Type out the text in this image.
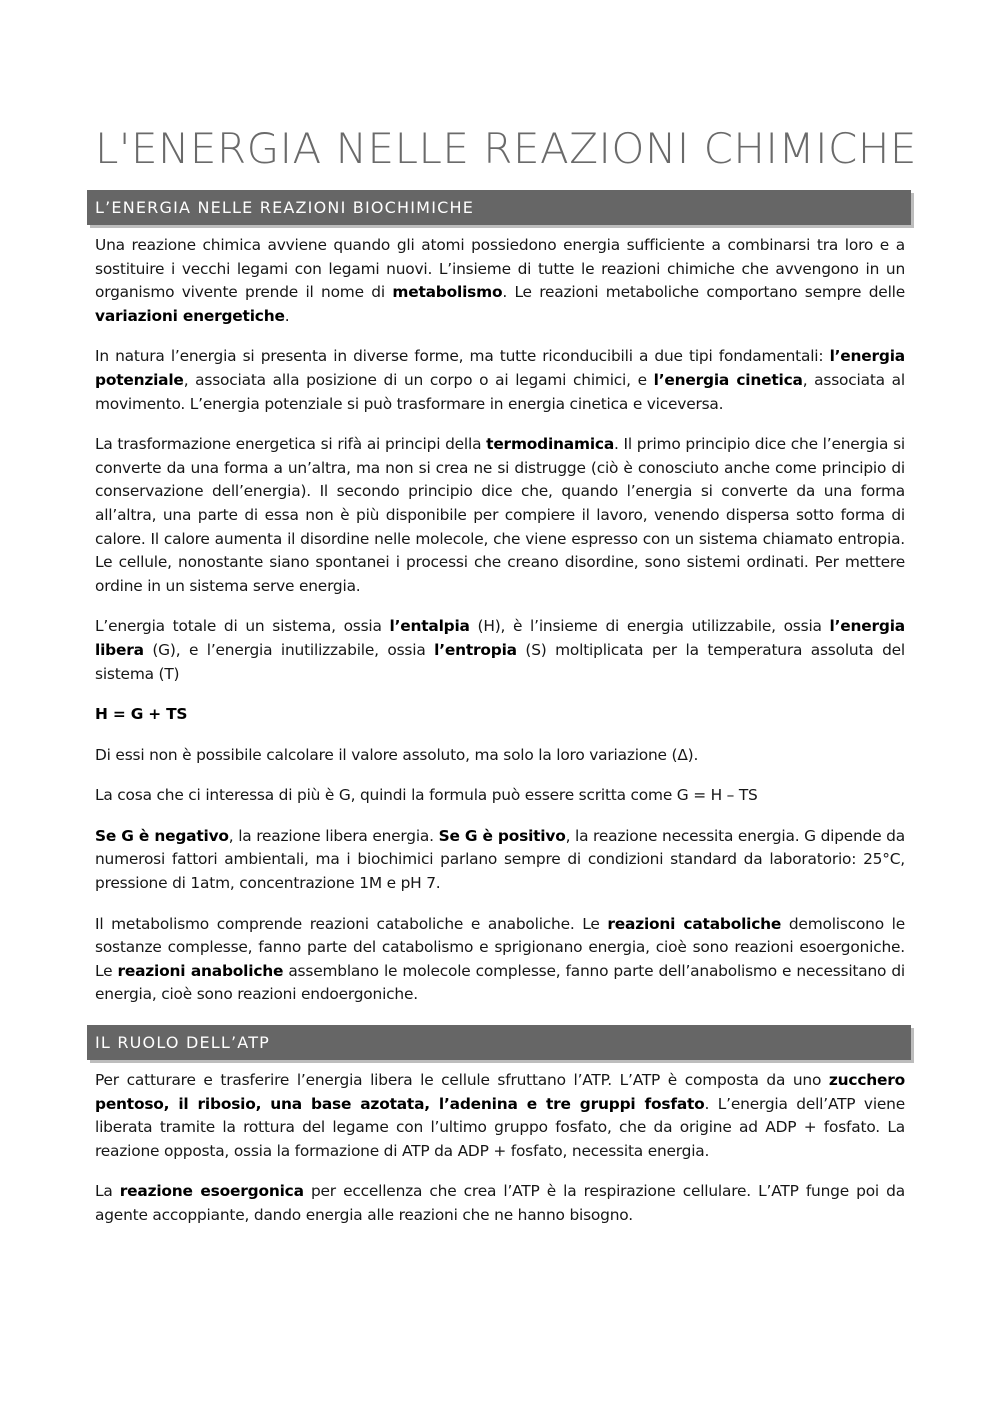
L'ENERGIA NELLE REAZIONI CHIMICHE
L’ENERGIA NELLE REAZIONI BIOCHIMICHE

Una reazione chimica avviene quando gli atomi possiedono energia sufficiente a combinarsi tra loro e a sostituire i vecchi legami con legami nuovi. L’insieme di tutte le reazioni chimiche che avvengono in un organismo vivente prende il nome di metabolismo. Le reazioni metaboliche comportano sempre delle variazioni energetiche.

In natura l’energia si presenta in diverse forme, ma tutte riconducibili a due tipi fondamentali: l’energia potenziale, associata alla posizione di un corpo o ai legami chimici, e l’energia cinetica, associata al movimento. L’energia potenziale si può trasformare in energia cinetica e viceversa.

La trasformazione energetica si rifà ai principi della termodinamica. Il primo principio dice che l’energia si converte da una forma a un’altra, ma non si crea ne si distrugge (ciò è conosciuto anche come principio di conservazione dell’energia). Il secondo principio dice che, quando l’energia si converte da una forma all’altra, una parte di essa non è più disponibile per compiere il lavoro, venendo dispersa sotto forma di calore. Il calore aumenta il disordine nelle molecole, che viene espresso con un sistema chiamato entropia. Le cellule, nonostante siano spontanei i processi che creano disordine, sono sistemi ordinati. Per mettere ordine in un sistema serve energia.

L’energia totale di un sistema, ossia l’entalpia (H), è l’insieme di energia utilizzabile, ossia l’energia libera (G), e l’energia inutilizzabile, ossia l’entropia (S) moltiplicata per la temperatura assoluta del sistema (T)

H = G + TS

Di essi non è possibile calcolare il valore assoluto, ma solo la loro variazione (Δ).

La cosa che ci interessa di più è G, quindi la formula può essere scritta come G = H – TS

Se G è negativo, la reazione libera energia. Se G è positivo, la reazione necessita energia. G dipende da numerosi fattori ambientali, ma i biochimici parlano sempre di condizioni standard da laboratorio: 25°C, pressione di 1atm, concentrazione 1M e pH 7.

Il metabolismo comprende reazioni cataboliche e anaboliche. Le reazioni cataboliche demoliscono le sostanze complesse, fanno parte del catabolismo e sprigionano energia, cioè sono reazioni esoergoniche. Le reazioni anaboliche assemblano le molecole complesse, fanno parte dell’anabolismo e necessitano di energia, cioè sono reazioni endoergoniche.

IL RUOLO DELL’ATP

Per catturare e trasferire l’energia libera le cellule sfruttano l’ATP. L’ATP è composta da uno zucchero pentoso, il ribosio, una base azotata, l’adenina e tre gruppi fosfato. L’energia dell’ATP viene liberata tramite la rottura del legame con l’ultimo gruppo fosfato, che da origine ad ADP + fosfato. La reazione opposta, ossia la formazione di ATP da ADP + fosfato, necessita energia.

La reazione esoergonica per eccellenza che crea l’ATP è la respirazione cellulare. L’ATP funge poi da agente accoppiante, dando energia alle reazioni che ne hanno bisogno.
